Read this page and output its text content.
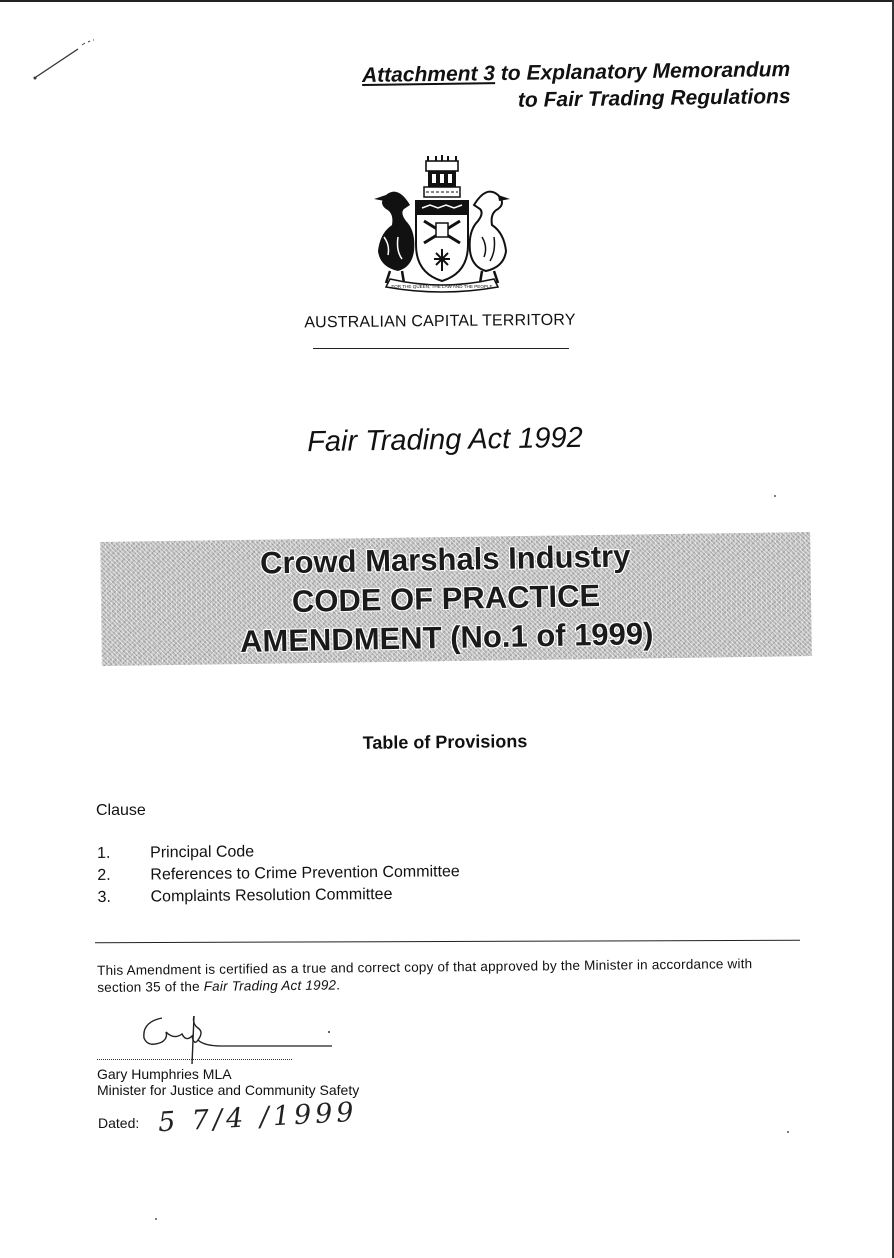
Attachment 3 to Explanatory Memorandum
to Fair Trading Regulations
FOR THE QUEEN, THE LAW AND THE PEOPLE
AUSTRALIAN CAPITAL TERRITORY
Fair Trading Act 1992
Crowd Marshals Industry
CODE OF PRACTICE
AMENDMENT (No.1 of 1999)
Table of Provisions
Clause
1.	Principal Code
2.	References to Crime Prevention Committee
3.	Complaints Resolution Committee
This Amendment is certified as a true and correct copy of that approved by the Minister in accordance with section 35 of the Fair Trading Act 1992.
Gary Humphries MLA
Minister for Justice and Community Safety
Dated: 5 7/4 /1999
